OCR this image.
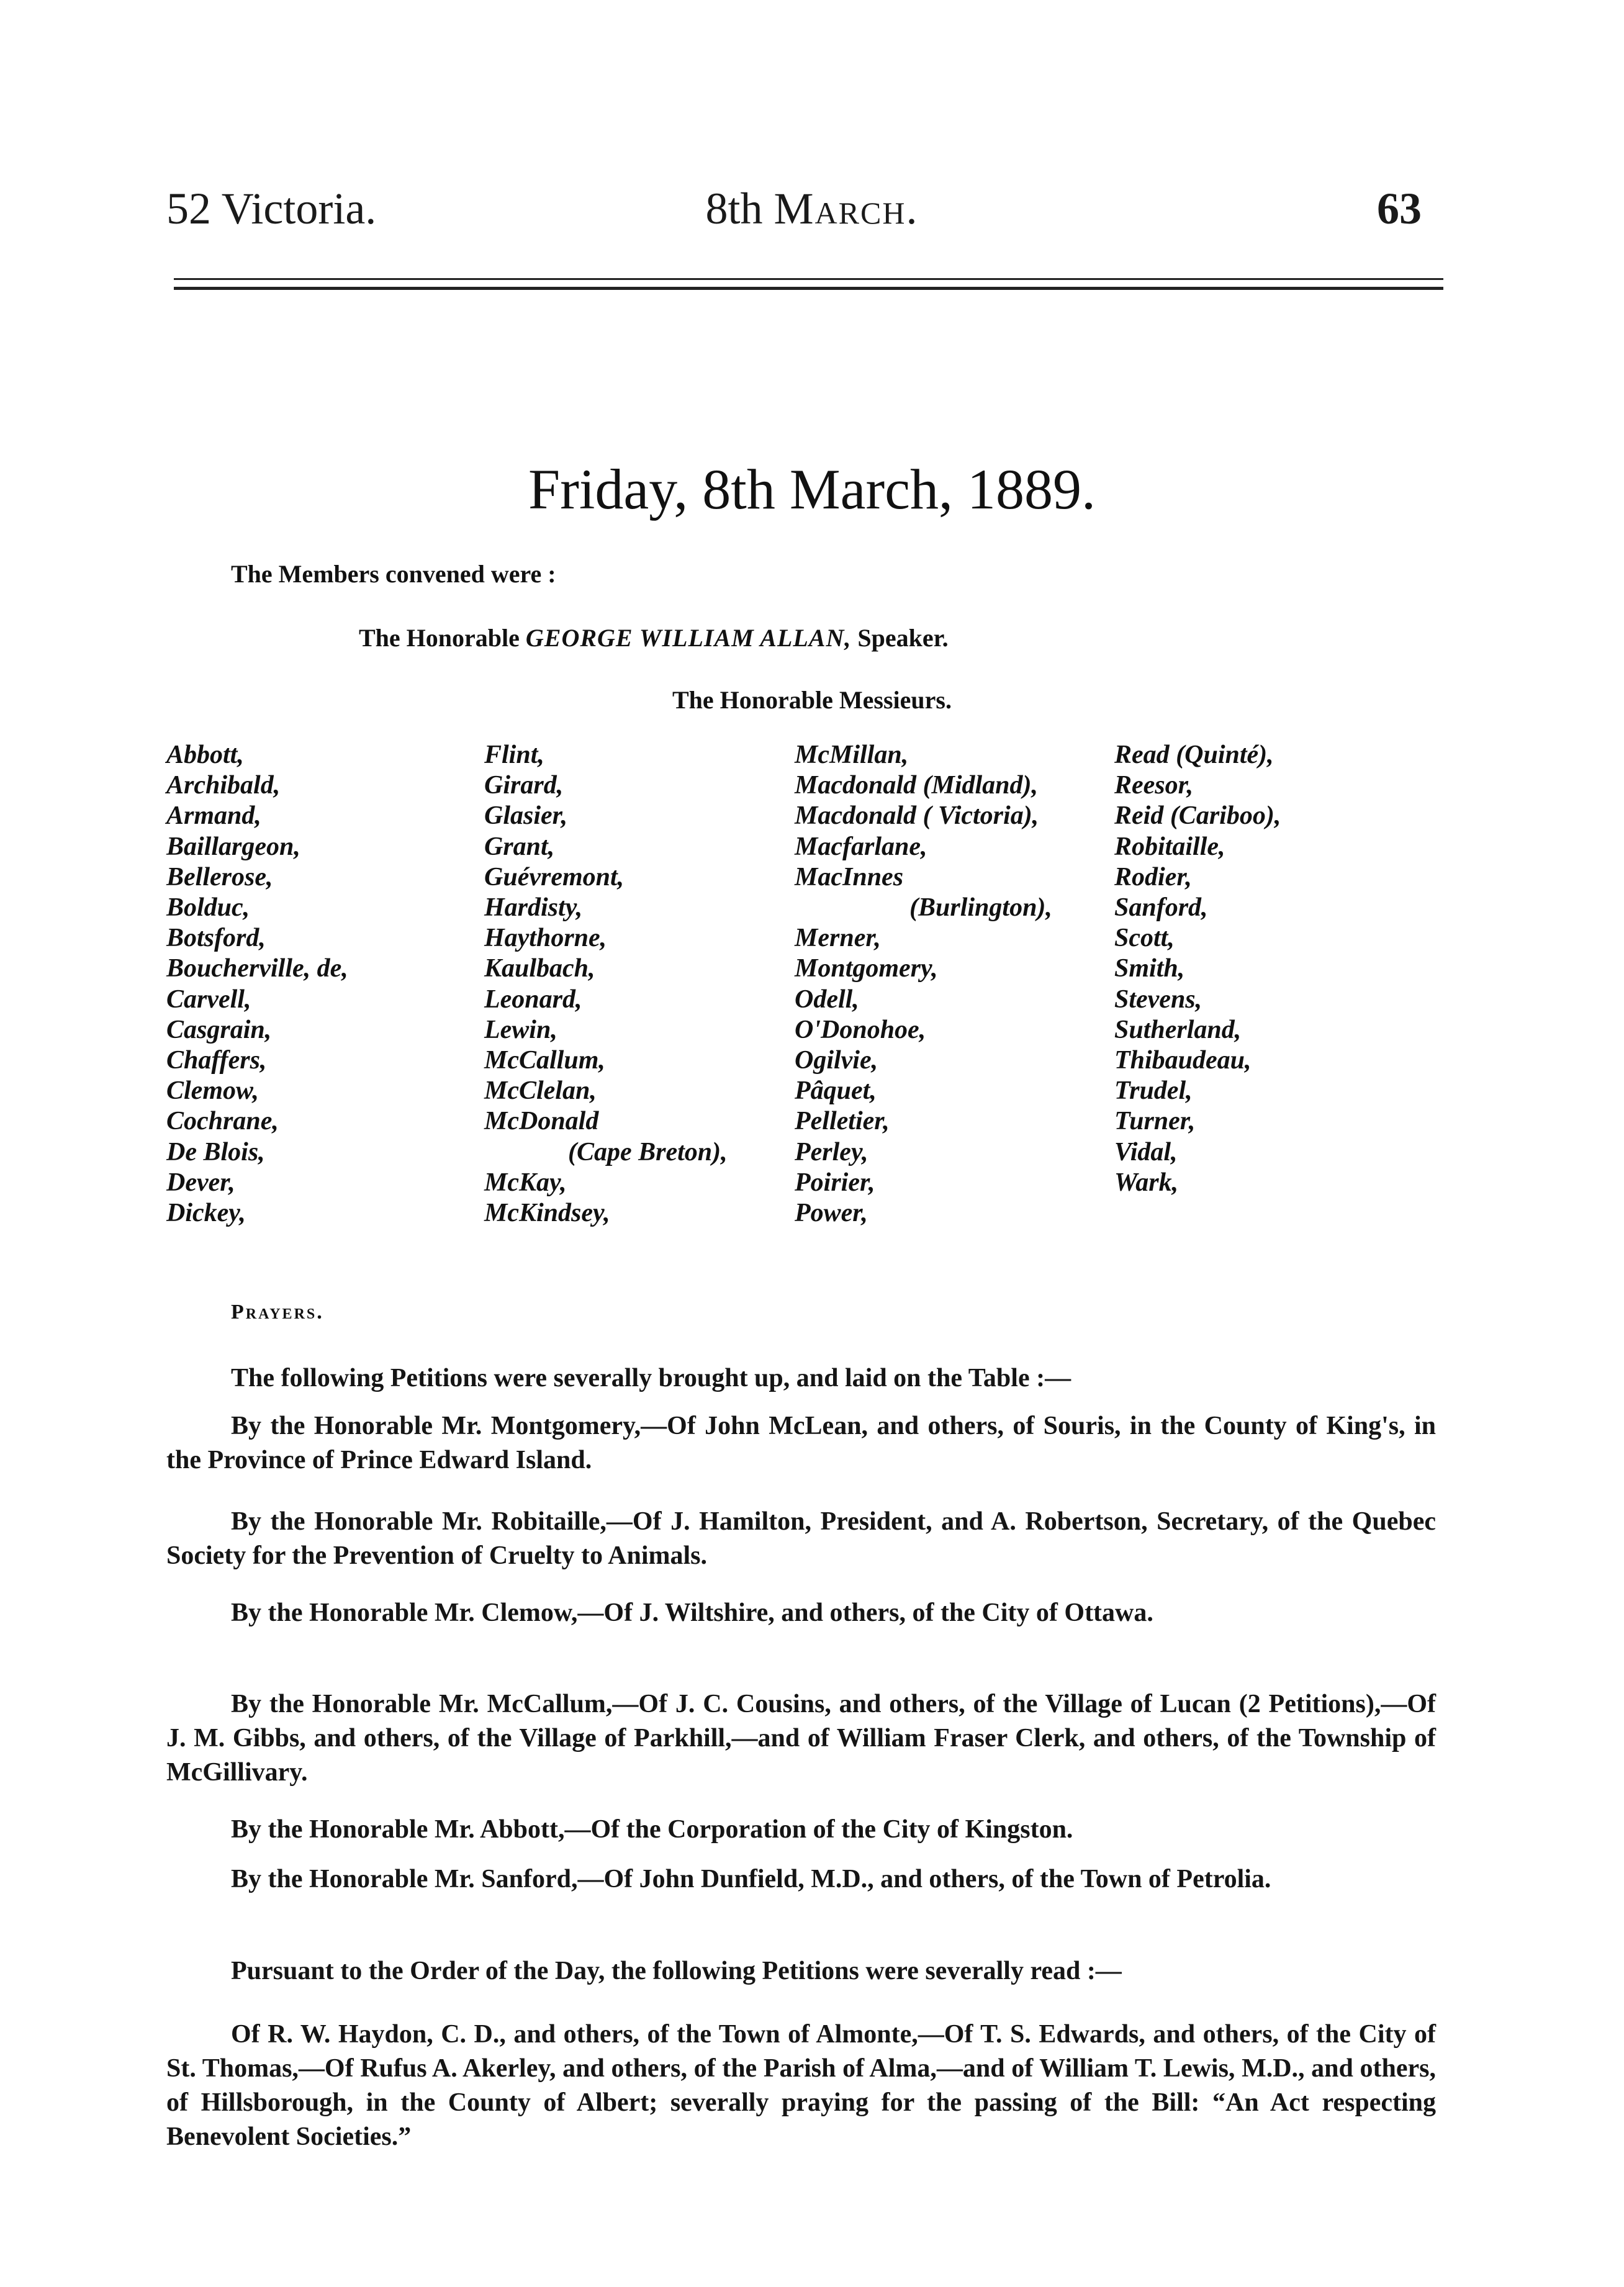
52 Victoria.	8th March.	63
Friday, 8th March, 1889.
The Members convened were :
The Honorable GEORGE WILLIAM ALLAN, Speaker.
The Honorable Messieurs.
Abbott,
Archibald,
Armand,
Baillargeon,
Bellerose,
Bolduc,
Botsford,
Boucherville, de,
Carvell,
Casgrain,
Chaffers,
Clemow,
Cochrane,
De Blois,
Dever,
Dickey,
Flint,
Girard,
Glasier,
Grant,
Guévremont,
Hardisty,
Haythorne,
Kaulbach,
Leonard,
Lewin,
McCallum,
McClelan,
McDonald
(Cape Breton),
McKay,
McKindsey,
McMillan,
Macdonald (Midland),
Macdonald ( Victoria),
Macfarlane,
MacInnes
(Burlington),
Merner,
Montgomery,
Odell,
O'Donohoe,
Ogilvie,
Pâquet,
Pelletier,
Perley,
Poirier,
Power,
Read (Quinté),
Reesor,
Reid (Cariboo),
Robitaille,
Rodier,
Sanford,
Scott,
Smith,
Stevens,
Sutherland,
Thibaudeau,
Trudel,
Turner,
Vidal,
Wark,
Prayers.
The following Petitions were severally brought up, and laid on the Table :—
By the Honorable Mr. Montgomery,—Of John McLean, and others, of Souris, in the County of King's, in the Province of Prince Edward Island.
By the Honorable Mr. Robitaille,—Of J. Hamilton, President, and A. Robertson, Secretary, of the Quebec Society for the Prevention of Cruelty to Animals.
By the Honorable Mr. Clemow,—Of J. Wiltshire, and others, of the City of Ottawa.
By the Honorable Mr. McCallum,—Of J. C. Cousins, and others, of the Village of Lucan (2 Petitions),—Of J. M. Gibbs, and others, of the Village of Parkhill,—and of William Fraser Clerk, and others, of the Township of McGillivary.
By the Honorable Mr. Abbott,—Of the Corporation of the City of Kingston.
By the Honorable Mr. Sanford,—Of John Dunfield, M.D., and others, of the Town of Petrolia.
Pursuant to the Order of the Day, the following Petitions were severally read :—
Of R. W. Haydon, C. D., and others, of the Town of Almonte,—Of T. S. Edwards, and others, of the City of St. Thomas,—Of Rufus A. Akerley, and others, of the Parish of Alma,—and of William T. Lewis, M.D., and others, of Hillsborough, in the County of Albert; severally praying for the passing of the Bill: “An Act respecting Benevolent Societies.”
